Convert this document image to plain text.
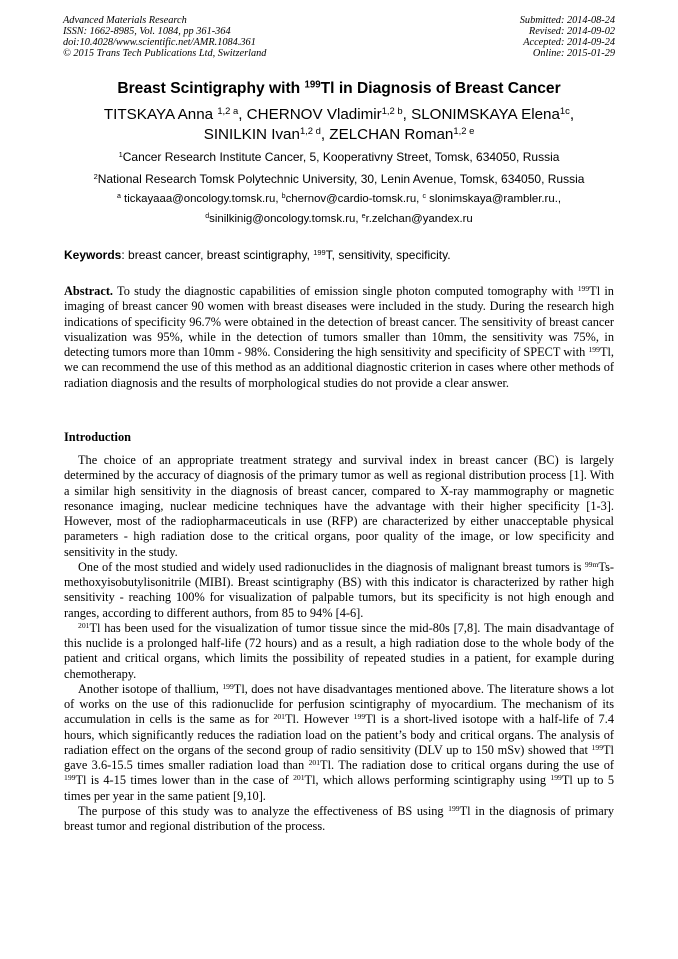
Advanced Materials Research
ISSN: 1662-8985, Vol. 1084, pp 361-364
doi:10.4028/www.scientific.net/AMR.1084.361
© 2015 Trans Tech Publications Ltd, Switzerland
Submitted: 2014-08-24
Revised: 2014-09-02
Accepted: 2014-09-24
Online: 2015-01-29
Breast Scintigraphy with $^{199}$Tl in Diagnosis of Breast Cancer
TITSKAYA Anna $^{1,2 a}$, CHERNOV Vladimir$^{1,2 b}$, SLONIMSKAYA Elena$^{1c}$,
SINILKIN Ivan$^{1,2 d}$, ZELCHAN Roman$^{1,2 e}$
$^1$Cancer Research Institute Cancer, 5, Kooperativny Street, Tomsk, 634050, Russia
$^2$National Research Tomsk Polytechnic University, 30, Lenin Avenue, Tomsk, 634050, Russia
$^a$ tickayaaa@oncology.tomsk.ru, $^b$chernov@cardio-tomsk.ru, $^c$ slonimskaya@rambler.ru.,
$^d$sinilkinig@oncology.tomsk.ru, $^e$r.zelchan@yandex.ru
Keywords: breast cancer, breast scintigraphy, $^{199}$T, sensitivity, specificity.

Abstract. To study the diagnostic capabilities of emission single photon computed tomography with $^{199}$Tl in imaging of breast cancer 90 women with breast diseases were included in the study. During the research high indications of specificity 96.7% were obtained in the detection of breast cancer. The sensitivity of breast cancer visualization was 95%, while in the detection of tumors smaller than 10mm, the sensitivity was 75%, in detecting tumors more than 10mm - 98%. Considering the high sensitivity and specificity of SPECT with $^{199}$Tl, we can recommend the use of this method as an additional diagnostic criterion in cases where other methods of radiation diagnosis and the results of morphological studies do not provide a clear answer.

Introduction

The choice of an appropriate treatment strategy and survival index in breast cancer (BC) is largely determined by the accuracy of diagnosis of the primary tumor as well as regional distribution process [1]. With a similar high sensitivity in the diagnosis of breast cancer, compared to X-ray mammography or magnetic resonance imaging, nuclear medicine techniques have the advantage with their higher specificity [1-3]. However, most of the radiopharmaceuticals in use (RFP) are characterized by either unacceptable physical parameters - high radiation dose to the critical organs, poor quality of the image, or low specificity and sensitivity in the study.

One of the most studied and widely used radionuclides in the diagnosis of malignant breast tumors is $^{99m}$Ts-methoxyisobutylisonitrile (MIBI). Breast scintigraphy (BS) with this indicator is characterized by rather high sensitivity - reaching 100% for visualization of palpable tumors, but its specificity is not high enough and ranges, according to different authors, from 85 to 94% [4-6].

$^{201}$Tl has been used for the visualization of tumor tissue since the mid-80s [7,8]. The main disadvantage of this nuclide is a prolonged half-life (72 hours) and as a result, a high radiation dose to the whole body of the patient and critical organs, which limits the possibility of repeated studies in a patient, for example during chemotherapy.

Another isotope of thallium, $^{199}$Tl, does not have disadvantages mentioned above. The literature shows a lot of works on the use of this radionuclide for perfusion scintigraphy of myocardium. The mechanism of its accumulation in cells is the same as for $^{201}$Tl. However $^{199}$Tl is a short-lived isotope with a half-life of 7.4 hours, which significantly reduces the radiation load on the patient’s body and critical organs. The analysis of radiation effect on the organs of the second group of radio sensitivity (DLV up to 150 mSv) showed that $^{199}$Tl gave 3.6-15.5 times smaller radiation load than $^{201}$Tl. The radiation dose to critical organs during the use of $^{199}$Tl is 4-15 times lower than in the case of $^{201}$Tl, which allows performing scintigraphy using $^{199}$Tl up to 5 times per year in the same patient [9,10].

The purpose of this study was to analyze the effectiveness of BS using $^{199}$Tl in the diagnosis of primary breast tumor and regional distribution of the process.
